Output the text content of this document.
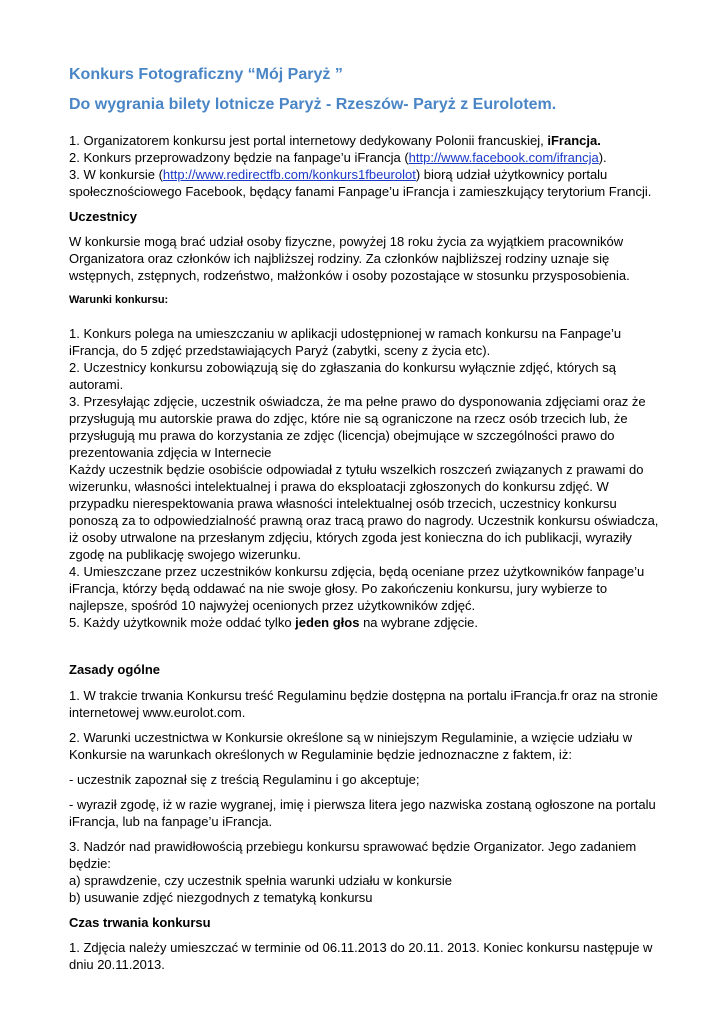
Konkurs Fotograficzny “Mój Paryż ”
Do wygrania bilety lotnicze Paryż - Rzeszów- Paryż z Eurolotem.

1. Organizatorem konkursu jest portal internetowy dedykowany Polonii francuskiej, iFrancja.

2. Konkurs przeprowadzony będzie na fanpage’u iFrancja (http://www.facebook.com/ifrancja).

3. W konkursie (http://www.redirectfb.com/konkurs1fbeurolot) biorą udział użytkownicy portalu społecznościowego Facebook, będący fanami Fanpage’u iFrancja i zamieszkujący terytorium Francji.

Uczestnicy

W konkursie mogą brać udział osoby fizyczne, powyżej 18 roku życia za wyjątkiem pracowników Organizatora oraz członków ich najbliższej rodziny. Za członków najbliższej rodziny uznaje się wstępnych, zstępnych, rodzeństwo, małżonków i osoby pozostające w stosunku przysposobienia.

Warunki konkursu:

1. Konkurs polega na umieszczaniu w aplikacji udostępnionej w ramach konkursu na Fanpage’u iFrancja, do 5 zdjęć przedstawiających Paryż (zabytki, sceny z życia etc).

2. Uczestnicy konkursu zobowiązują się do zgłaszania do konkursu wyłącznie zdjęć, których są autorami.

3. Przesyłając zdjęcie, uczestnik oświadcza, że ma pełne prawo do dysponowania zdjęciami oraz że przysługują mu autorskie prawa do zdjęc, które nie są ograniczone na rzecz osób trzecich lub, że przysługują mu prawa do korzystania ze zdjęc (licencja) obejmujące w szczególności prawo do prezentowania zdjęcia w Internecie

Każdy uczestnik będzie osobiście odpowiadał z tytułu wszelkich roszczeń związanych z prawami do wizerunku, własności intelektualnej i prawa do eksploatacji zgłoszonych do konkursu zdjęć. W przypadku nierespektowania prawa własności intelektualnej osób trzecich, uczestnicy konkursu ponoszą za to odpowiedzialność prawną oraz tracą prawo do nagrody. Uczestnik konkursu oświadcza, iż osoby utrwalone na przesłanym zdjęciu, których zgoda jest konieczna do ich publikacji, wyraziły zgodę na publikację swojego wizerunku.

4. Umieszczane przez uczestników konkursu zdjęcia, będą oceniane przez użytkowników fanpage’u iFrancja, którzy będą oddawać na nie swoje głosy. Po zakończeniu konkursu, jury wybierze to najlepsze, spośród 10 najwyżej ocenionych przez użytkowników zdjęć.

5. Każdy użytkownik może oddać tylko jeden głos na wybrane zdjęcie.

Zasady ogólne

1. W trakcie trwania Konkursu treść Regulaminu będzie dostępna na portalu iFrancja.fr oraz na stronie internetowej www.eurolot.com.

2. Warunki uczestnictwa w Konkursie określone są w niniejszym Regulaminie, a wzięcie udziału w Konkursie na warunkach określonych w Regulaminie będzie jednoznaczne z faktem, iż:

- uczestnik zapoznał się z treścią Regulaminu i go akceptuje;

- wyraził zgodę, iż w razie wygranej, imię i pierwsza litera jego nazwiska zostaną ogłoszone na portalu iFrancja, lub na fanpage’u iFrancja.

3. Nadzór nad prawidłowością przebiegu konkursu sprawować będzie Organizator. Jego zadaniem będzie:

a) sprawdzenie, czy uczestnik spełnia warunki udziału w konkursie

b) usuwanie zdjęć niezgodnych z tematyką konkursu

Czas trwania konkursu

1. Zdjęcia należy umieszczać w terminie od 06.11.2013 do 20.11. 2013. Koniec konkursu następuje w dniu 20.11.2013.
